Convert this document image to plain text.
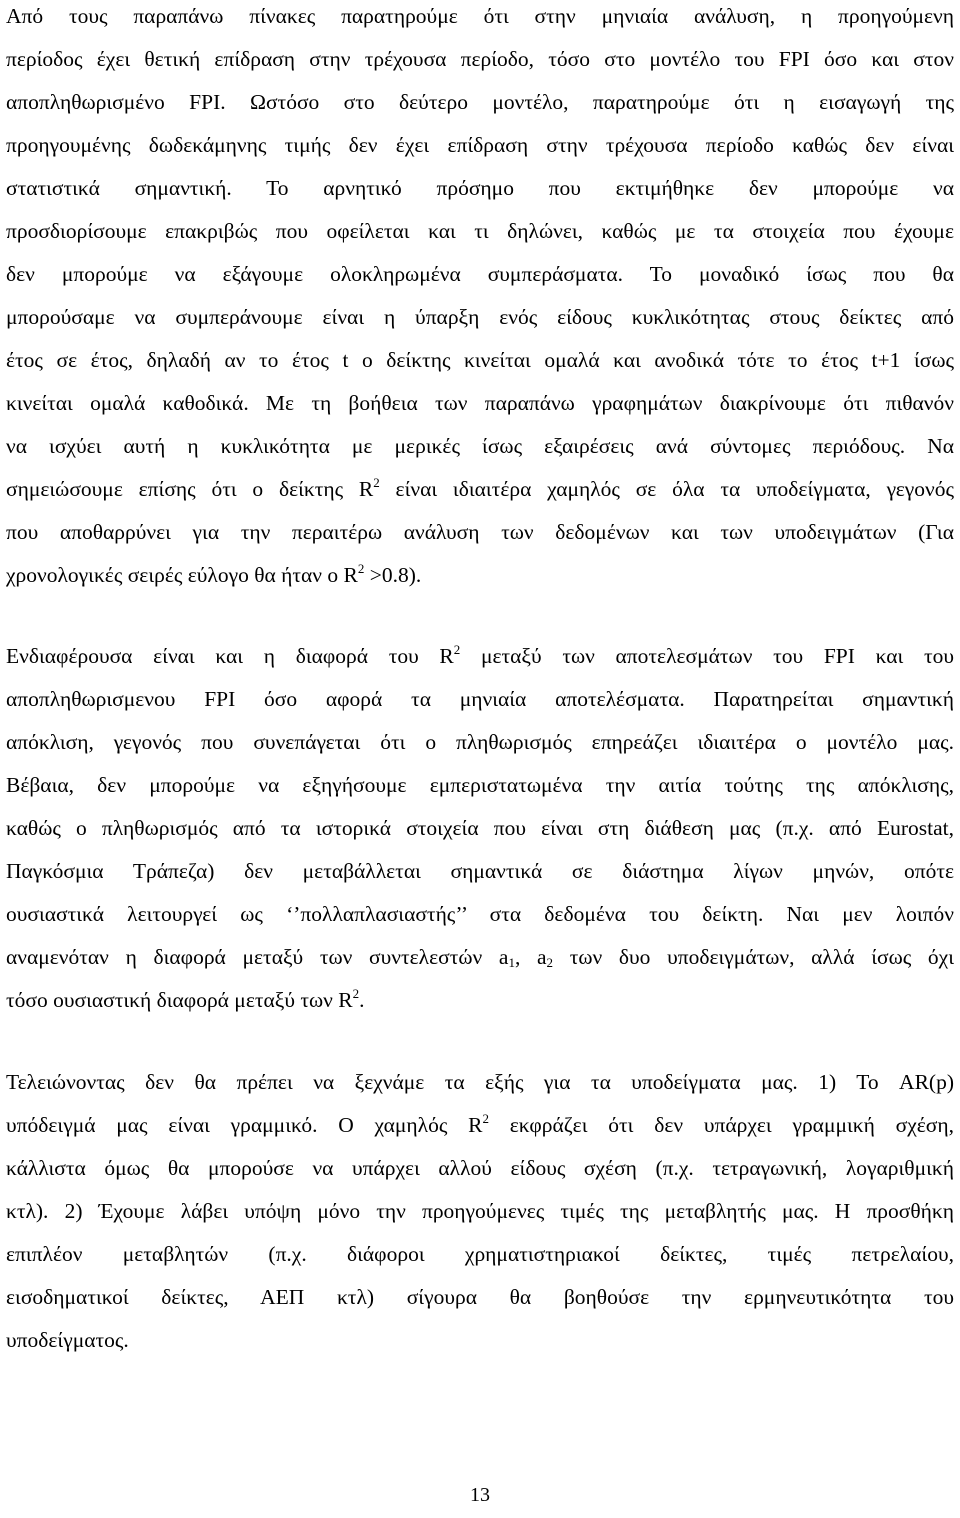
Από τους παραπάνω πίνακες παρατηρούμε ότι στην μηνιαία ανάλυση, η προηγούμενη
περίοδος έχει θετική επίδραση στην τρέχουσα περίοδο, τόσο στο μοντέλο του FPI όσο και στον
αποπληθωρισμένο FPI. Ωστόσο στο δεύτερο μοντέλο, παρατηρούμε ότι η εισαγωγή της
προηγουμένης δωδεκάμηνης τιμής δεν έχει επίδραση στην τρέχουσα περίοδο καθώς δεν είναι
στατιστικά σημαντική. Το αρνητικό πρόσημο που εκτιμήθηκε δεν μπορούμε να
προσδιορίσουμε επακριβώς που οφείλεται και τι δηλώνει, καθώς με τα στοιχεία που έχουμε
δεν μπορούμε να εξάγουμε ολοκληρωμένα συμπεράσματα. Το μοναδικό ίσως που θα
μπορούσαμε να συμπεράνουμε είναι η ύπαρξη ενός είδους κυκλικότητας στους δείκτες από
έτος σε έτος, δηλαδή αν το έτος t ο δείκτης κινείται ομαλά και ανοδικά τότε το έτος t+1 ίσως
κινείται ομαλά καθοδικά. Με τη βοήθεια των παραπάνω γραφημάτων διακρίνουμε ότι πιθανόν
να ισχύει αυτή η κυκλικότητα με μερικές ίσως εξαιρέσεις ανά σύντομες περιόδους. Να
σημειώσουμε επίσης ότι ο δείκτης $R^2$ είναι ιδιαιτέρα χαμηλός σε όλα τα υποδείγματα, γεγονός
που αποθαρρύνει για την περαιτέρω ανάλυση των δεδομένων και των υποδειγμάτων (Για
χρονολογικές σειρές εύλογο θα ήταν ο $R^2 >0.8$).
Ενδιαφέρουσα είναι και η διαφορά του $R^2$ μεταξύ των αποτελεσμάτων του FPI και του
αποπληθωρισμενου FPI όσο αφορά τα μηνιαία αποτελέσματα. Παρατηρείται σημαντική
απόκλιση, γεγονός που συνεπάγεται ότι ο πληθωρισμός επηρεάζει ιδιαιτέρα ο μοντέλο μας.
Βέβαια, δεν μπορούμε να εξηγήσουμε εμπεριστατωμένα την αιτία τούτης της απόκλισης,
καθώς ο πληθωρισμός από τα ιστορικά στοιχεία που είναι στη διάθεση μας (π.χ. από Eurostat,
Παγκόσμια Τράπεζα) δεν μεταβάλλεται σημαντικά σε διάστημα λίγων μηνών, οπότε
ουσιαστικά λειτουργεί ως ‘’πολλαπλασιαστής’’ στα δεδομένα του δείκτη. Ναι μεν λοιπόν
αναμενόταν η διαφορά μεταξύ των συντελεστών $a_1$, $a_2$ των δυο υποδειγμάτων, αλλά ίσως όχι
τόσο ουσιαστική διαφορά μεταξύ των $R^2$.
Τελειώνοντας δεν θα πρέπει να ξεχνάμε τα εξής για τα υποδείγματα μας. 1) Το AR(p)
υπόδειγμά μας είναι γραμμικό. Ο χαμηλός $R^2$ εκφράζει ότι δεν υπάρχει γραμμική σχέση,
κάλλιστα όμως θα μπορούσε να υπάρχει αλλού είδους σχέση (π.χ. τετραγωνική, λογαριθμική
κτλ). 2) Έχουμε λάβει υπόψη μόνο την προηγούμενες τιμές της μεταβλητής μας. Η προσθήκη
επιπλέον μεταβλητών (π.χ. διάφοροι χρηματιστηριακοί δείκτες, τιμές πετρελαίου,
εισοδηματικοί δείκτες, ΑΕΠ κτλ) σίγουρα θα βοηθούσε την ερμηνευτικότητα του
υποδείγματος.
13
